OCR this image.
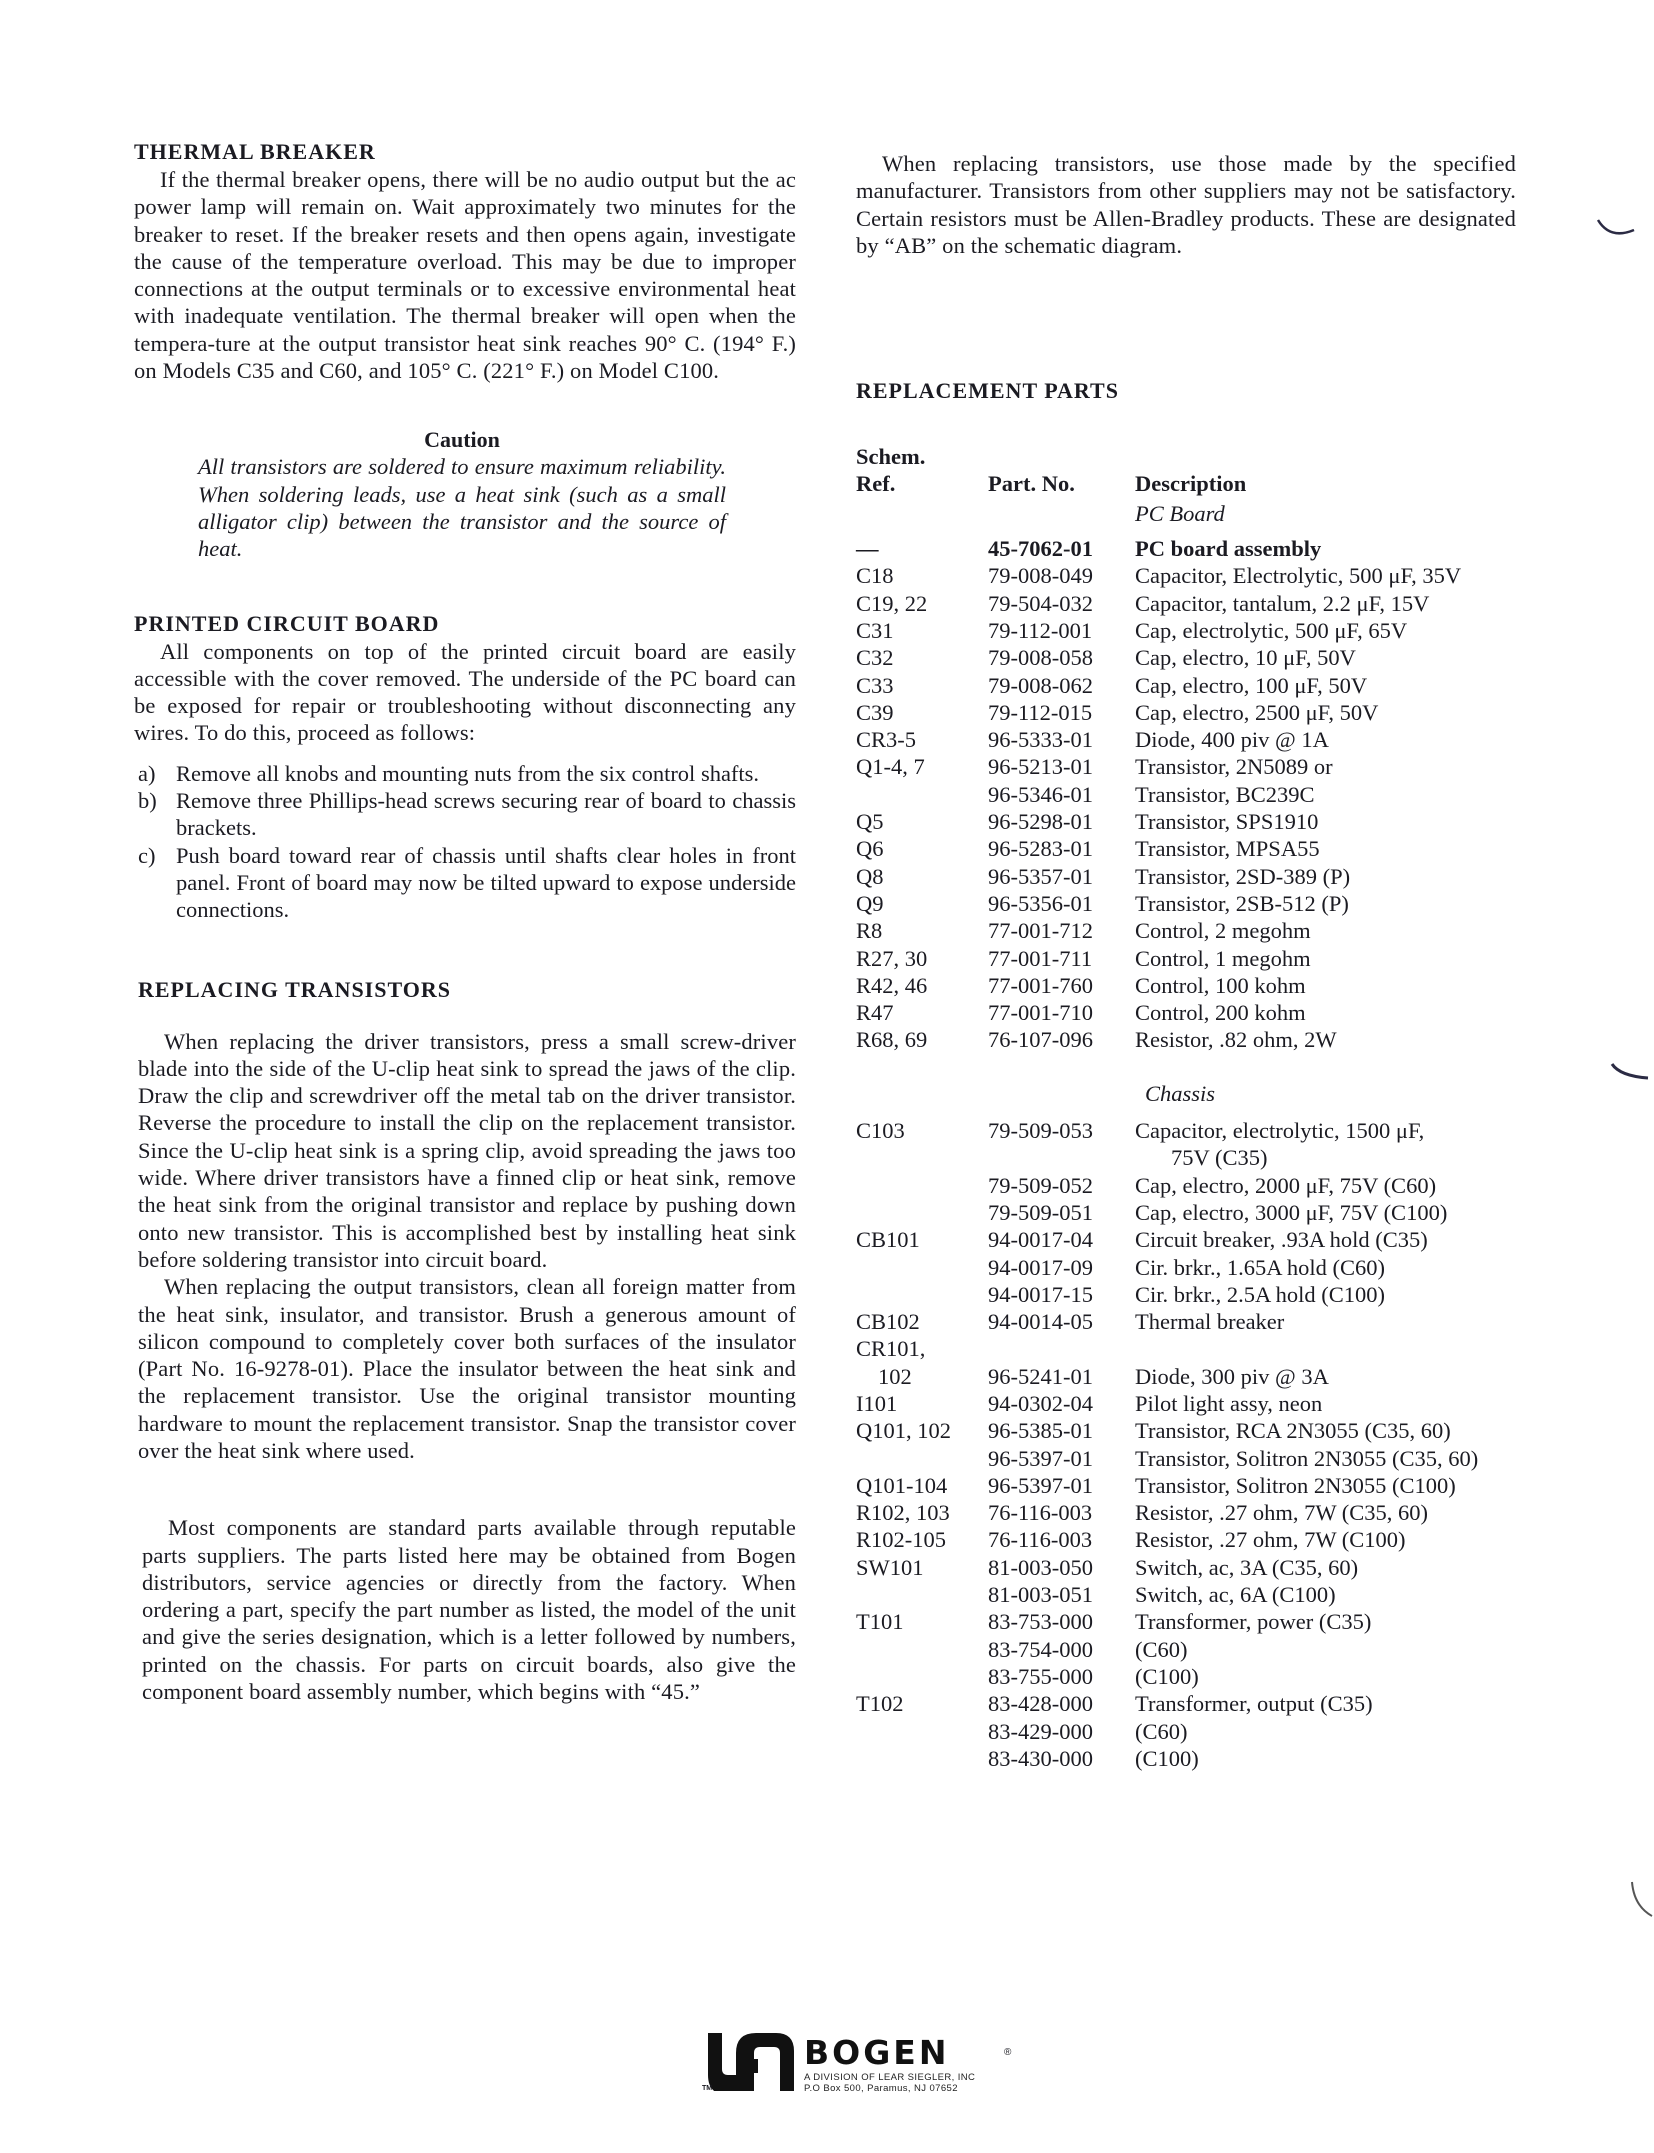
THERMAL BREAKER

If the thermal breaker opens, there will be no audio output but the ac power lamp will remain on. Wait approximately two minutes for the breaker to reset. If the breaker resets and then opens again, investigate the cause of the temperature overload. This may be due to improper connections at the output terminals or to excessive environmental heat with inadequate ventilation. The thermal breaker will open when the tempera-ture at the output transistor heat sink reaches 90° C. (194° F.) on Models C35 and C60, and 105° C. (221° F.) on Model C100.

Caution

All transistors are soldered to ensure maximum reliability. When soldering leads, use a heat sink (such as a small alligator clip) between the transistor and the source of heat.

PRINTED CIRCUIT BOARD

All components on top of the printed circuit board are easily accessible with the cover removed. The underside of the PC board can be exposed for repair or troubleshooting without disconnecting any wires. To do this, proceed as follows:

a) Remove all knobs and mounting nuts from the six control shafts.
b) Remove three Phillips-head screws securing rear of board to chassis brackets.
c) Push board toward rear of chassis until shafts clear holes in front panel. Front of board may now be tilted upward to expose underside connections.
REPLACING TRANSISTORS

When replacing the driver transistors, press a small screw-driver blade into the side of the U-clip heat sink to spread the jaws of the clip. Draw the clip and screwdriver off the metal tab on the driver transistor. Reverse the procedure to install the clip on the replacement transistor. Since the U-clip heat sink is a spring clip, avoid spreading the jaws too wide. Where driver transistors have a finned clip or heat sink, remove the heat sink from the original transistor and replace by pushing down onto new transistor. This is accomplished best by installing heat sink before soldering transistor into circuit board.

When replacing the output transistors, clean all foreign matter from the heat sink, insulator, and transistor. Brush a generous amount of silicon compound to completely cover both surfaces of the insulator (Part No. 16-9278-01). Place the insulator between the heat sink and the replacement transistor. Use the original transistor mounting hardware to mount the replacement transistor. Snap the transistor cover over the heat sink where used.

Most components are standard parts available through reputable parts suppliers. The parts listed here may be obtained from Bogen distributors, service agencies or directly from the factory. When ordering a part, specify the part number as listed, the model of the unit and give the series designation, which is a letter followed by numbers, printed on the chassis. For parts on circuit boards, also give the component board assembly number, which begins with “45.”

When replacing transistors, use those made by the specified manufacturer. Transistors from other suppliers may not be satisfactory. Certain resistors must be Allen-Bradley products. These are designated by “AB” on the schematic diagram.

REPLACEMENT PARTS
Schem.
Ref.	Part. No.	Description
		PC Board
—	45-7062-01	PC board assembly
C18	79-008-049	Capacitor, Electrolytic, 500 μF, 35V
C19, 22	79-504-032	Capacitor, tantalum, 2.2 μF, 15V
C31	79-112-001	Cap, electrolytic, 500 μF, 65V
C32	79-008-058	Cap, electro, 10 μF, 50V
C33	79-008-062	Cap, electro, 100 μF, 50V
C39	79-112-015	Cap, electro, 2500 μF, 50V
CR3-5	96-5333-01	Diode, 400 piv @ 1A
Q1-4, 7	96-5213-01	Transistor, 2N5089 or
	96-5346-01	Transistor, BC239C
Q5	96-5298-01	Transistor, SPS1910
Q6	96-5283-01	Transistor, MPSA55
Q8	96-5357-01	Transistor, 2SD-389 (P)
Q9	96-5356-01	Transistor, 2SB-512 (P)
R8	77-001-712	Control, 2 megohm
R27, 30	77-001-711	Control, 1 megohm
R42, 46	77-001-760	Control, 100 kohm
R47	77-001-710	Control, 200 kohm
R68, 69	76-107-096	Resistor, .82 ohm, 2W
		Chassis
C103	79-509-053	Capacitor, electrolytic, 1500 μF,
75V (C35)
	79-509-052	Cap, electro, 2000 μF, 75V (C60)
	79-509-051	Cap, electro, 3000 μF, 75V (C100)
CB101	94-0017-04	Circuit breaker, .93A hold (C35)
	94-0017-09	Cir. brkr., 1.65A hold (C60)
	94-0017-15	Cir. brkr., 2.5A hold (C100)
CB102	94-0014-05	Thermal breaker
CR101,
102	96-5241-01	Diode, 300 piv @ 3A
I101	94-0302-04	Pilot light assy, neon
Q101, 102	96-5385-01	Transistor, RCA 2N3055 (C35, 60)
	96-5397-01	Transistor, Solitron 2N3055 (C35, 60)
Q101-104	96-5397-01	Transistor, Solitron 2N3055 (C100)
R102, 103	76-116-003	Resistor, .27 ohm, 7W (C35, 60)
R102-105	76-116-003	Resistor, .27 ohm, 7W (C100)
SW101	81-003-050	Switch, ac, 3A (C35, 60)
	81-003-051	Switch, ac, 6A (C100)
T101	83-753-000	Transformer, power (C35)
	83-754-000	(C60)
	83-755-000	(C100)
T102	83-428-000	Transformer, output (C35)
	83-429-000	(C60)
	83-430-000	(C100)
TM
BOGEN	®
A DIVISION OF LEAR SIEGLER, INC
P.O Box 500, Paramus, NJ 07652
